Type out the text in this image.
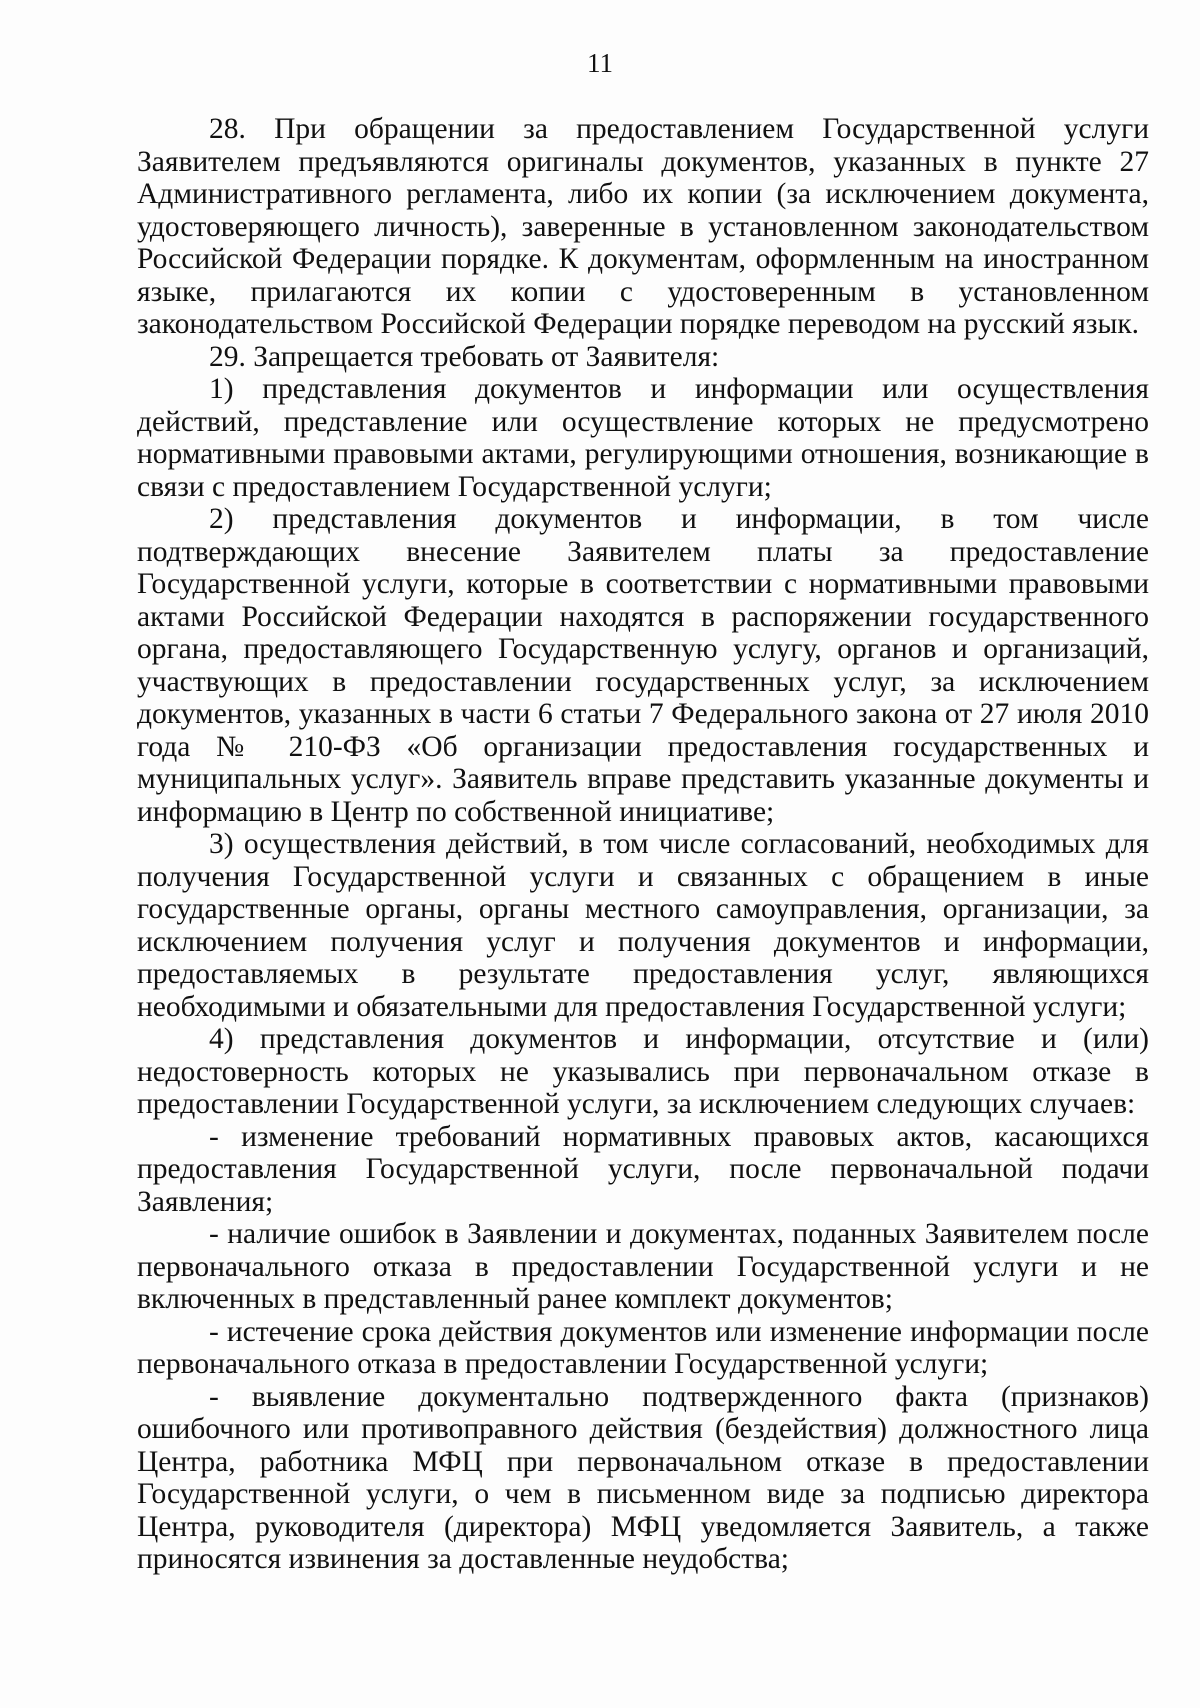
11

28. При обращении за предоставлением Государственной услуги Заявителем предъявляются оригиналы документов, указанных в пункте 27 Административного регламента, либо их копии (за исключением документа, удостоверяющего личность), заверенные в установленном законодательством Российской Федерации порядке. К документам, оформленным на иностранном языке, прилагаются их копии с удостоверенным в установленном законодательством Российской Федерации порядке переводом на русский язык.

29. Запрещается требовать от Заявителя:

1) представления документов и информации или осуществления действий, представление или осуществление которых не предусмотрено нормативными правовыми актами, регулирующими отношения, возникающие в связи с предоставлением Государственной услуги;

2) представления документов и информации, в том числе подтверждающих внесение Заявителем платы за предоставление Государственной услуги, которые в соответствии с нормативными правовыми актами Российской Федерации находятся в распоряжении государственного органа, предоставляющего Государственную услугу, органов и организаций, участвующих в предоставлении государственных услуг, за исключением документов, указанных в части 6 статьи 7 Федерального закона от 27 июля 2010 года № 210-ФЗ «Об организации предоставления государственных и муниципальных услуг». Заявитель вправе представить указанные документы и информацию в Центр по собственной инициативе;

3) осуществления действий, в том числе согласований, необходимых для получения Государственной услуги и связанных с обращением в иные государственные органы, органы местного самоуправления, организации, за исключением получения услуг и получения документов и информации, предоставляемых в результате предоставления услуг, являющихся необходимыми и обязательными для предоставления Государственной услуги;

4) представления документов и информации, отсутствие и (или) недостоверность которых не указывались при первоначальном отказе в предоставлении Государственной услуги, за исключением следующих случаев:

- изменение требований нормативных правовых актов, касающихся предоставления Государственной услуги, после первоначальной подачи Заявления;

- наличие ошибок в Заявлении и документах, поданных Заявителем после первоначального отказа в предоставлении Государственной услуги и не включенных в представленный ранее комплект документов;

- истечение срока действия документов или изменение информации после первоначального отказа в предоставлении Государственной услуги;

- выявление документально подтвержденного факта (признаков) ошибочного или противоправного действия (бездействия) должностного лица Центра, работника МФЦ при первоначальном отказе в предоставлении Государственной услуги, о чем в письменном виде за подписью директора Центра, руководителя (директора) МФЦ уведомляется Заявитель, а также приносятся извинения за доставленные неудобства;
